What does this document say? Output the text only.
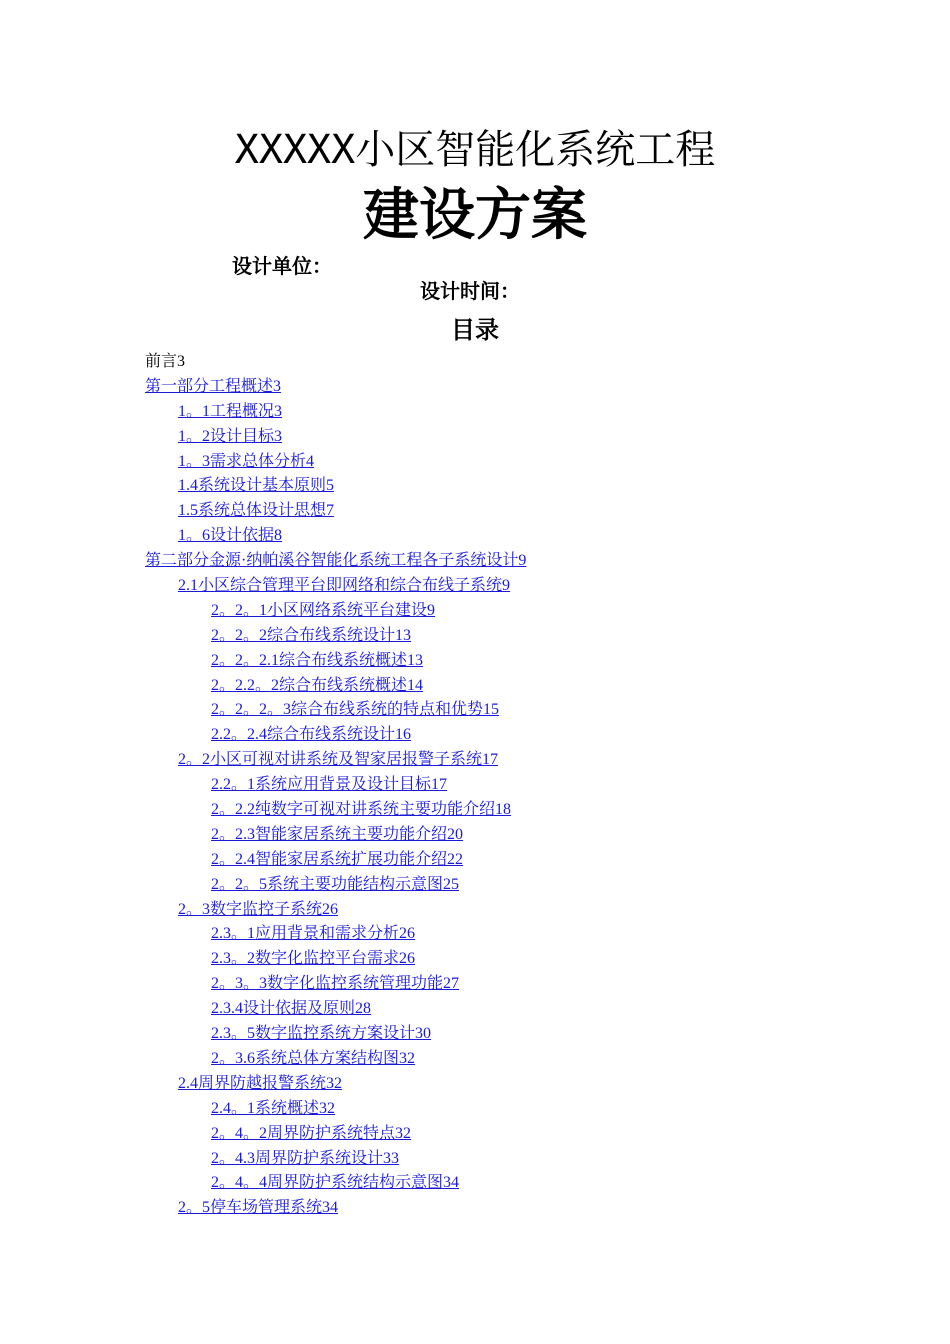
XXXXX小区智能化系统工程
建设方案
设计单位：
设计时间：
目录
前言3
第一部分工程概述3
1。1工程概况3
1。2设计目标3
1。3需求总体分析4
1.4系统设计基本原则5
1.5系统总体设计思想7
1。6设计依据8
第二部分金源·纳帕溪谷智能化系统工程各子系统设计9
2.1小区综合管理平台即网络和综合布线子系统9
2。2。1小区网络系统平台建设9
2。2。2综合布线系统设计13
2。2。2.1综合布线系统概述13
2。2.2。2综合布线系统概述14
2。2。2。3综合布线系统的特点和优势15
2.2。2.4综合布线系统设计16
2。2小区可视对讲系统及智家居报警子系统17
2.2。1系统应用背景及设计目标17
2。2.2纯数字可视对讲系统主要功能介绍18
2。2.3智能家居系统主要功能介绍20
2。2.4智能家居系统扩展功能介绍22
2。2。5系统主要功能结构示意图25
2。3数字监控子系统26
2.3。1应用背景和需求分析26
2.3。2数字化监控平台需求26
2。3。3数字化监控系统管理功能27
2.3.4设计依据及原则28
2.3。5数字监控系统方案设计30
2。3.6系统总体方案结构图32
2.4周界防越报警系统32
2.4。1系统概述32
2。4。2周界防护系统特点32
2。4.3周界防护系统设计33
2。4。4周界防护系统结构示意图34
2。5停车场管理系统34
